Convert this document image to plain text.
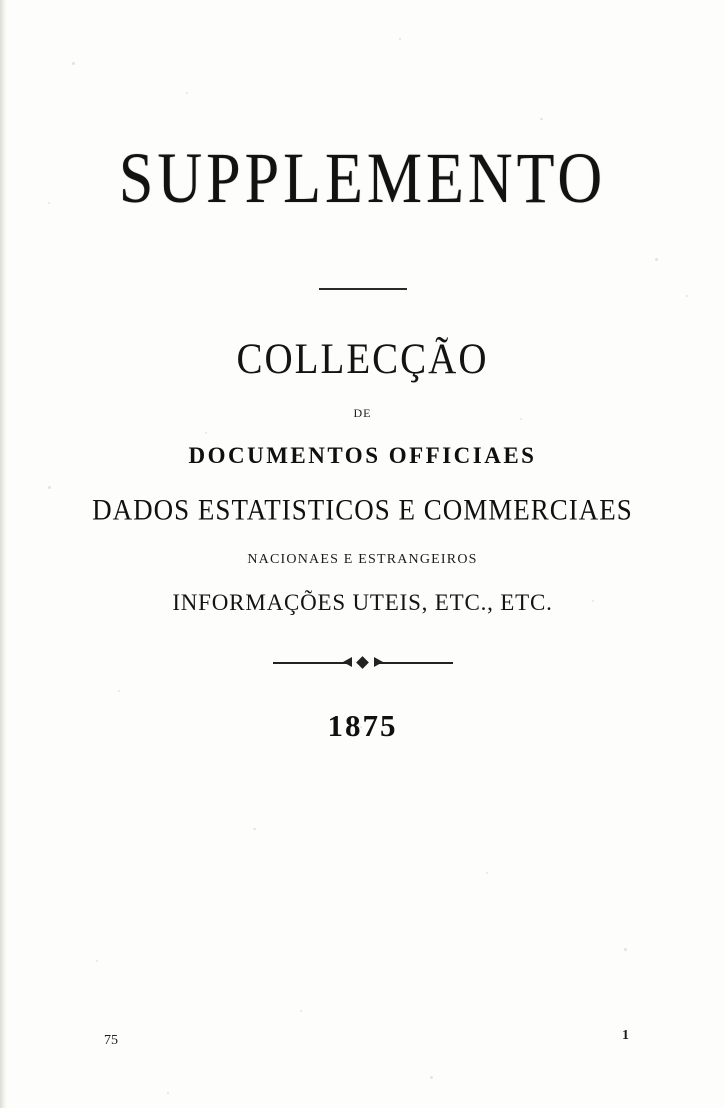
SUPPLEMENTO
COLLECÇÃO
DE
DOCUMENTOS OFFICIAES
DADOS ESTATISTICOS E COMMERCIAES
NACIONAES E ESTRANGEIROS
INFORMAÇÕES UTEIS, ETC., ETC.
1875
75	1
